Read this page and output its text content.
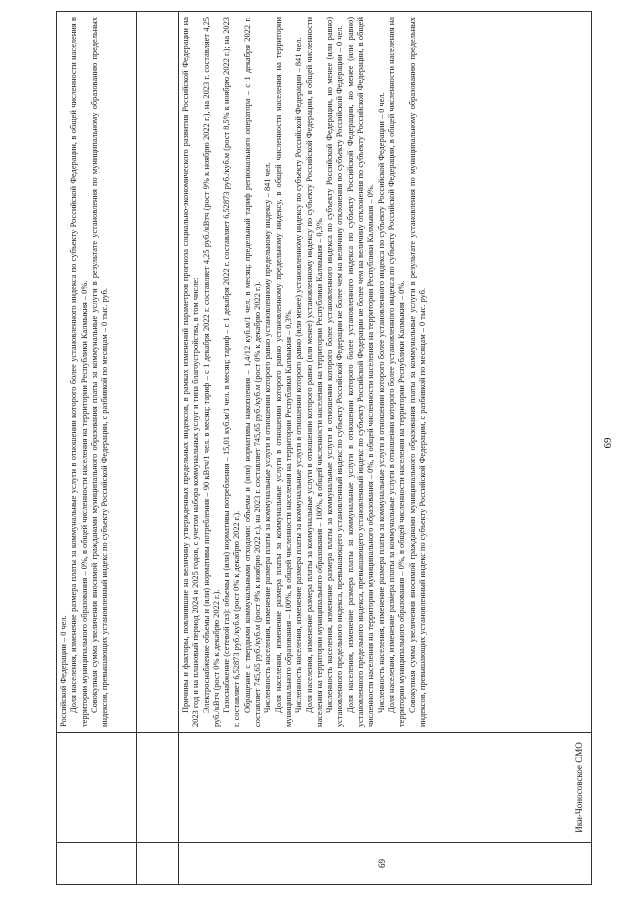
69

Российской Федерации – 0 чел. Доля населения, изменение размера платы за коммунальные услуги в отношении которого более установленного индекса по субъекту Российской Федерации, в общей численности населения в территории муниципального образования – 0%, в общей численности населения на территории Республики Калмыкия – 0%. Совокупная сумма увеличения вносимой гражданами муниципального образования платы за коммунальные услуги в результате установления по муниципальному образованию предельных индексов, превышающих установленный индекс по субъекту Российской Федерации, с разбивкой по месяцам – 0 тыс. руб.

69
Ики-Чоносовское СМО

Причины и факторы, повлиявшие на величину утвержденных предельных индексов, в рамках изменений параметров прогноза социально-экономического развития Российской Федерации на 2023 год и на плановый период 2024 и 2025 годов, с учетом набора коммунальных услуг и типа благоустройства, в том числе: Электроснабжение объемы и (или) нормативы потребления – 90 кВтч/1 чел. в месяц; тариф – с 1 декабря 2022 г. составляет 4,25 руб./кВтч (рост 9% к ноябрю 2022 г.), на 2023 г. составляет 4,25 руб./кВтч (рост 0% к декабрю 2022 г.). Газоснабжение (сетевой газ): объемы и (или) нормативы потребления – 15,01 куб.м/1 чел. в месяц; тариф – с 1 декабря 2022 г. составляет 6,52873 руб./куб.м (рост 8,5% к ноябрю 2022 г.); на 2023 г. составляет 6,52873 руб./куб.м (рост 0% к декабрю 2022 г.). Обращение с твердыми коммунальными отходами: объемы и (или) нормативы накопления – 1,4/12 куб.м/1 чел. в месяц; предельный тариф регионального оператора – с 1 декабря 2022 г. составляет 745,65 руб./куб.м (рост 9% к ноябрю 2022 г.), на 2023 г. составляет 745,65 руб./куб.м (рост 0% к декабрю 2022 г.). Численность населения, изменение размера платы за коммунальные услуги в отношении которого равно установленному предельному индексу – 841 чел. Доля населения, изменение размера платы за коммунальные услуги в отношении которого равно установленному предельному индексу, в общей численности населения на территории муниципального образования – 100%, в общей численности населения на территории Республики Калмыкия – 0,3%. Численность населения, изменение размера платы за коммунальные услуги в отношении которого равно (или менее) установленному индексу по субъекту Российской Федерации – 841 чел. Доля населения, изменение размера платы за коммунальные услуги в отношении которого равно (или менее) установленному индексу по субъекту Российской Федерации, в общей численности населения на территории муниципального образования – 100%, в общей численности населения на территории Республики Калмыкия – 0,3%. Численность населения, изменение размера платы за коммунальные услуги в отношении которого более установленного индекса по субъекту Российской Федерации, но менее (или равно) установленного предельного индекса, превышающего установленный индекс по субъекту Российской Федерации не более чем на величину отклонения по субъекту Российской Федерации – 0 чел. Доля населения, изменение размера платы за коммунальные услуги в отношении которого более установленного индекса по субъекту Российской Федерации, но менее (или равно) установленного предельного индекса, превышающего установленный индекс по субъекту Российской Федерации не более чем на величину отклонения по субъекту Российской Федерации, в общей численности населения на территории муниципального образования – 0%, в общей численности населения на территории Республики Калмыкия – 0%. Численность населения, изменение размера платы за коммунальные услуги в отношении которого более установленного индекса по субъекту Российской Федерации – 0 чел. Доля населения, изменение размера платы за коммунальные услуги в отношении которого более установленного индекса по субъекту Российской Федерации, в общей численности населения на территории муниципального образования – 0%, в общей численности населения на территории Республики Калмыкия – 0%. Совокупная сумма увеличения вносимой гражданами муниципального образования платы за коммунальные услуги в результате установления по муниципальному образованию предельных индексов, превышающих установленный индекс по субъекту Российской Федерации, с разбивкой по месяцам – 0 тыс. руб.
